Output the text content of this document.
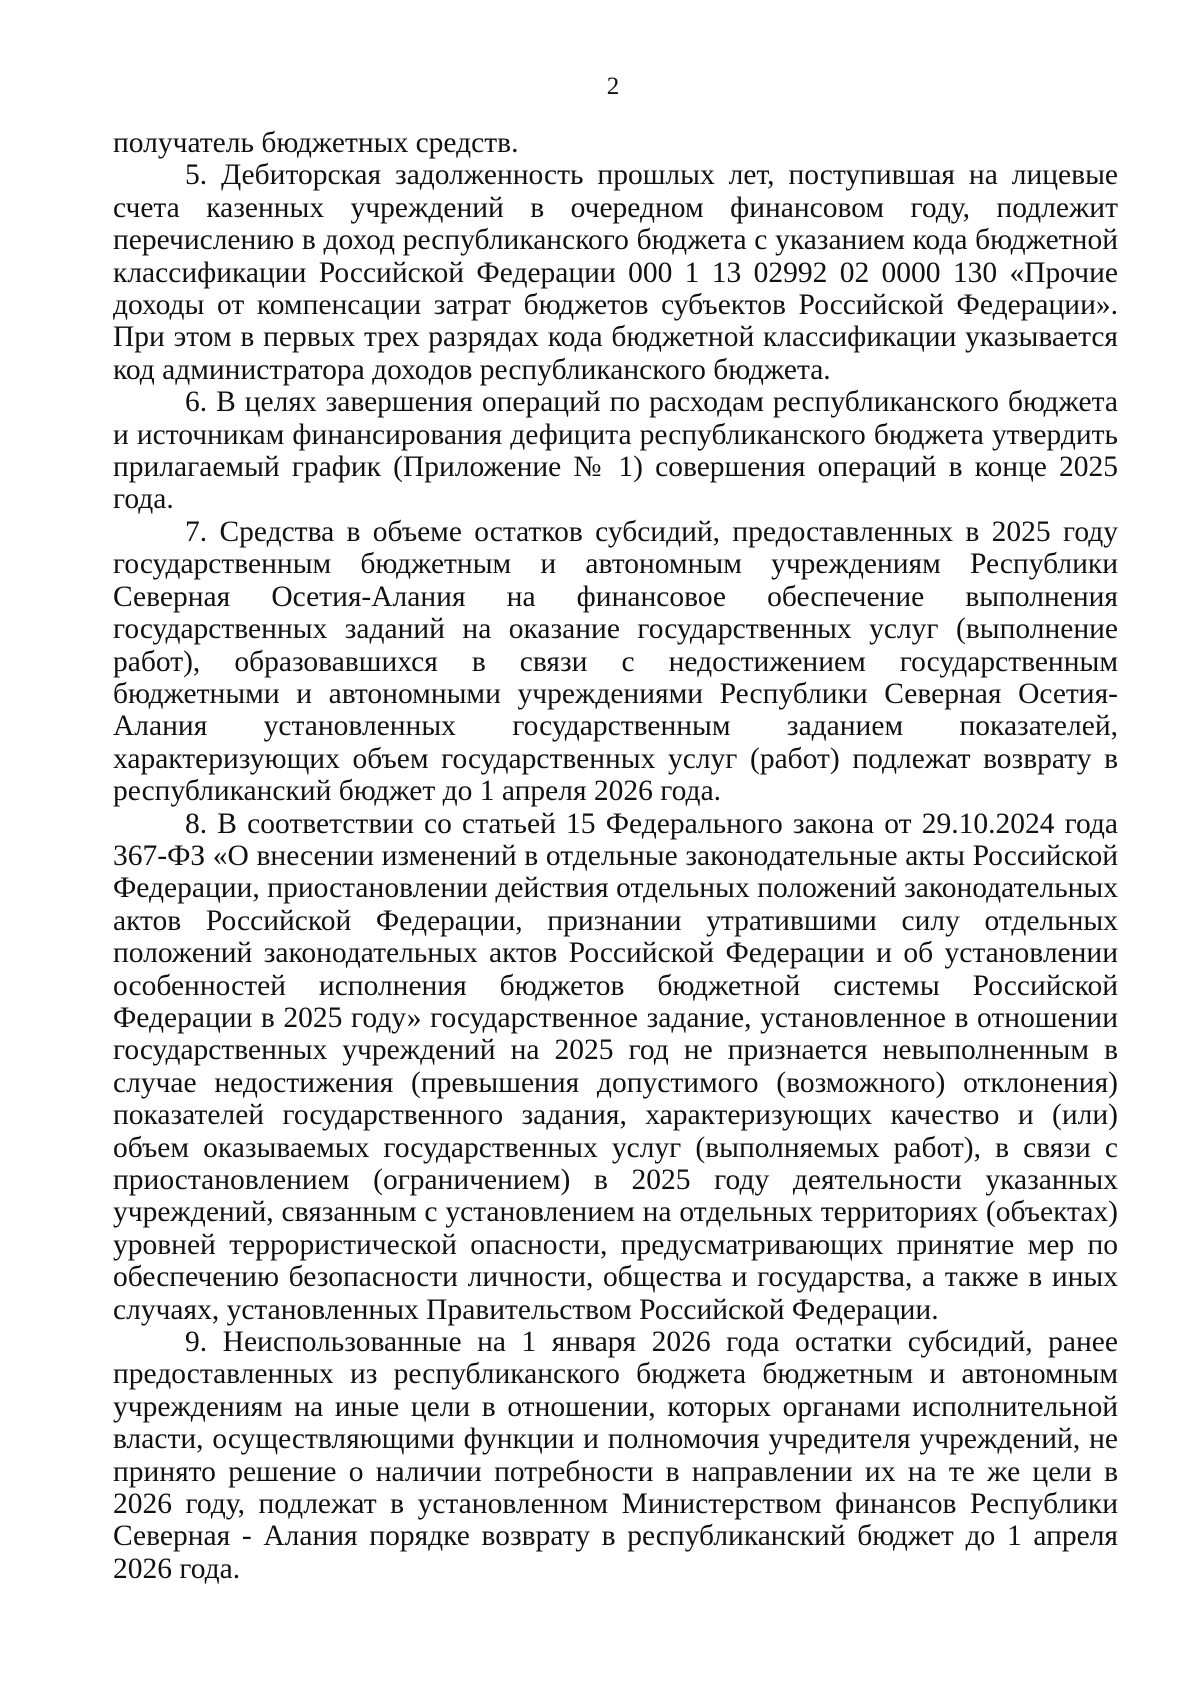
2

получатель бюджетных средств.

5. Дебиторская задолженность прошлых лет, поступившая на лицевые счета казенных учреждений в очередном финансовом году, подлежит перечислению в доход республиканского бюджета с указанием кода бюджетной классификации Российской Федерации 000 1 13 02992 02 0000 130 «Прочие доходы от компенсации затрат бюджетов субъектов Российской Федерации». При этом в первых трех разрядах кода бюджетной классификации указывается код администратора доходов республиканского бюджета.

6. В целях завершения операций по расходам республиканского бюджета и источникам финансирования дефицита республиканского бюджета утвердить прилагаемый график (Приложение № 1) совершения операций в конце 2025 года.

7. Средства в объеме остатков субсидий, предоставленных в 2025 году государственным бюджетным и автономным учреждениям Республики Северная Осетия-Алания на финансовое обеспечение выполнения государственных заданий на оказание государственных услуг (выполнение работ), образовавшихся в связи с недостижением государственным бюджетными и автономными учреждениями Республики Северная Осетия-Алания установленных государственным заданием показателей, характеризующих объем государственных услуг (работ) подлежат возврату в республиканский бюджет до 1 апреля 2026 года.

8. В соответствии со статьей 15 Федерального закона от 29.10.2024 года 367-ФЗ «О внесении изменений в отдельные законодательные акты Российской Федерации, приостановлении действия отдельных положений законодательных актов Российской Федерации, признании утратившими силу отдельных положений законодательных актов Российской Федерации и об установлении особенностей исполнения бюджетов бюджетной системы Российской Федерации в 2025 году» государственное задание, установленное в отношении государственных учреждений на 2025 год не признается невыполненным в случае недостижения (превышения допустимого (возможного) отклонения) показателей государственного задания, характеризующих качество и (или) объем оказываемых государственных услуг (выполняемых работ), в связи с приостановлением (ограничением) в 2025 году деятельности указанных учреждений, связанным с установлением на отдельных территориях (объектах) уровней террористической опасности, предусматривающих принятие мер по обеспечению безопасности личности, общества и государства, а также в иных случаях, установленных Правительством Российской Федерации.

9. Неиспользованные на 1 января 2026 года остатки субсидий, ранее предоставленных из республиканского бюджета бюджетным и автономным учреждениям на иные цели в отношении, которых органами исполнительной власти, осуществляющими функции и полномочия учредителя учреждений, не принято решение о наличии потребности в направлении их на те же цели в 2026 году, подлежат в установленном Министерством финансов Республики Северная - Алания порядке возврату в республиканский бюджет до 1 апреля 2026 года.
